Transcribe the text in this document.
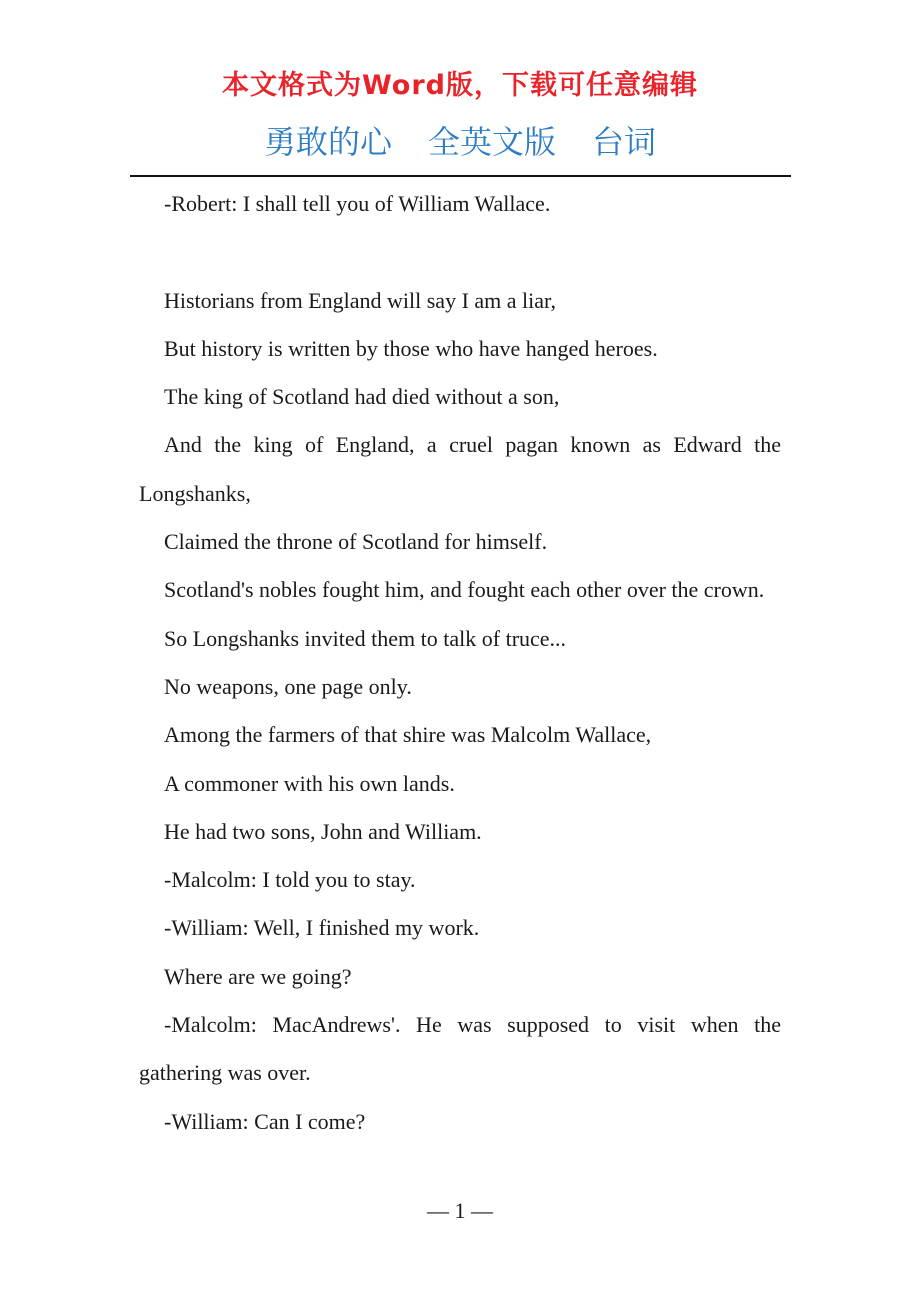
本文格式为Word版，下载可任意编辑
勇敢的心 全英文版 台词

-Robert: I shall tell you of William Wallace.

Historians from England will say I am a liar,

But history is written by those who have hanged heroes.

The king of Scotland had died without a son,

And the king of England, a cruel pagan known as Edward the Longshanks,

Claimed the throne of Scotland for himself.

Scotland's nobles fought him, and fought each other over the crown.

So Longshanks invited them to talk of truce...

No weapons, one page only.

Among the farmers of that shire was Malcolm Wallace,

A commoner with his own lands.

He had two sons, John and William.

-Malcolm: I told you to stay.

-William: Well, I finished my work.

Where are we going?

-Malcolm: MacAndrews'. He was supposed to visit when the gathering was over.

-William: Can I come?

— 1 —
